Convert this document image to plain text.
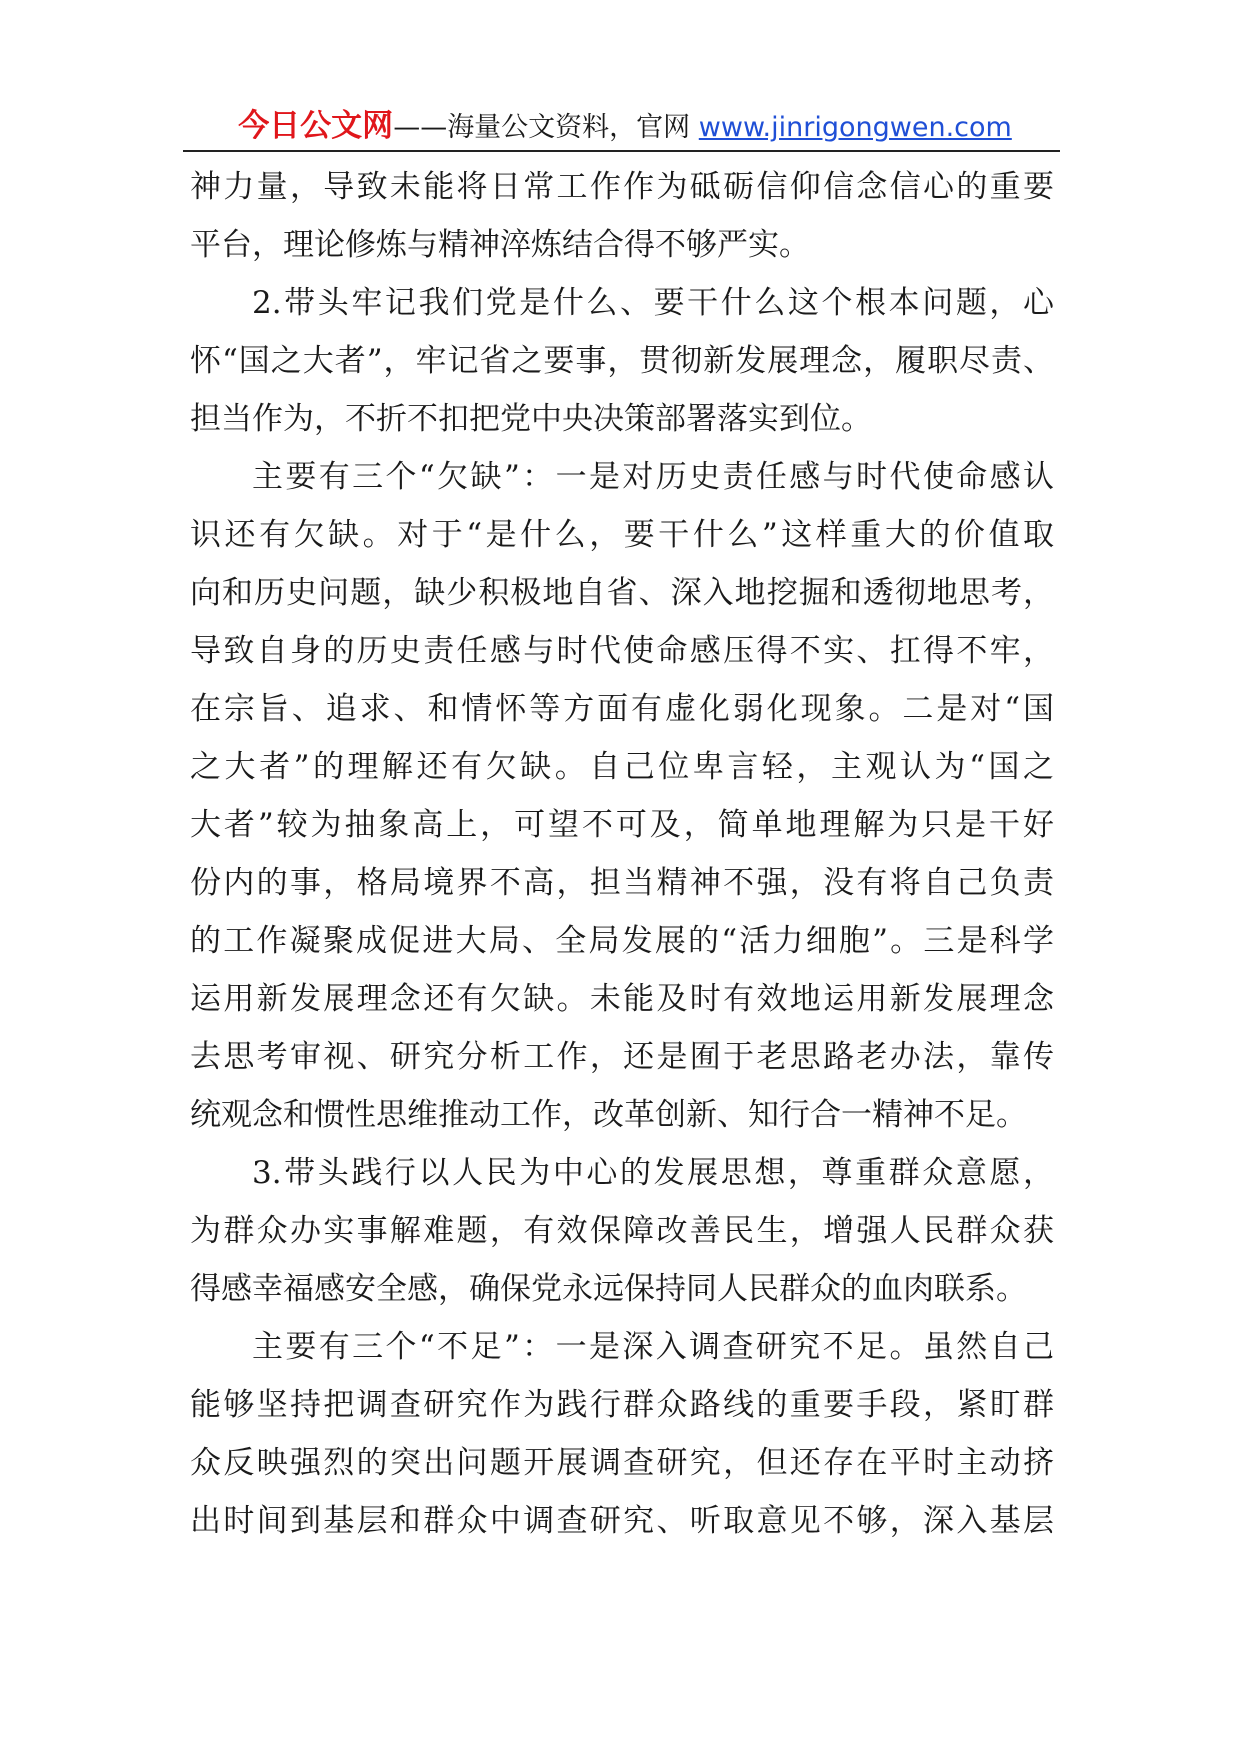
今日公文网——海量公文资料，官网 www.jinrigongwen.com
神力量，导致未能将日常工作作为砥砺信仰信念信心的重要
平台，理论修炼与精神淬炼结合得不够严实。
2.带头牢记我们党是什么、要干什么这个根本问题，心
怀“国之大者”，牢记省之要事，贯彻新发展理念，履职尽责、
担当作为，不折不扣把党中央决策部署落实到位。
主要有三个“欠缺”：一是对历史责任感与时代使命感认
识还有欠缺。对于“是什么，要干什么”这样重大的价值取
向和历史问题，缺少积极地自省、深入地挖掘和透彻地思考，
导致自身的历史责任感与时代使命感压得不实、扛得不牢，
在宗旨、追求、和情怀等方面有虚化弱化现象。二是对“国
之大者”的理解还有欠缺。自己位卑言轻，主观认为“国之
大者”较为抽象高上，可望不可及，简单地理解为只是干好
份内的事，格局境界不高，担当精神不强，没有将自己负责
的工作凝聚成促进大局、全局发展的“活力细胞”。三是科学
运用新发展理念还有欠缺。未能及时有效地运用新发展理念
去思考审视、研究分析工作，还是囿于老思路老办法，靠传
统观念和惯性思维推动工作，改革创新、知行合一精神不足。
3.带头践行以人民为中心的发展思想，尊重群众意愿，
为群众办实事解难题，有效保障改善民生，增强人民群众获
得感幸福感安全感，确保党永远保持同人民群众的血肉联系。
主要有三个“不足”：一是深入调查研究不足。虽然自己
能够坚持把调查研究作为践行群众路线的重要手段，紧盯群
众反映强烈的突出问题开展调查研究，但还存在平时主动挤
出时间到基层和群众中调查研究、听取意见不够，深入基层
